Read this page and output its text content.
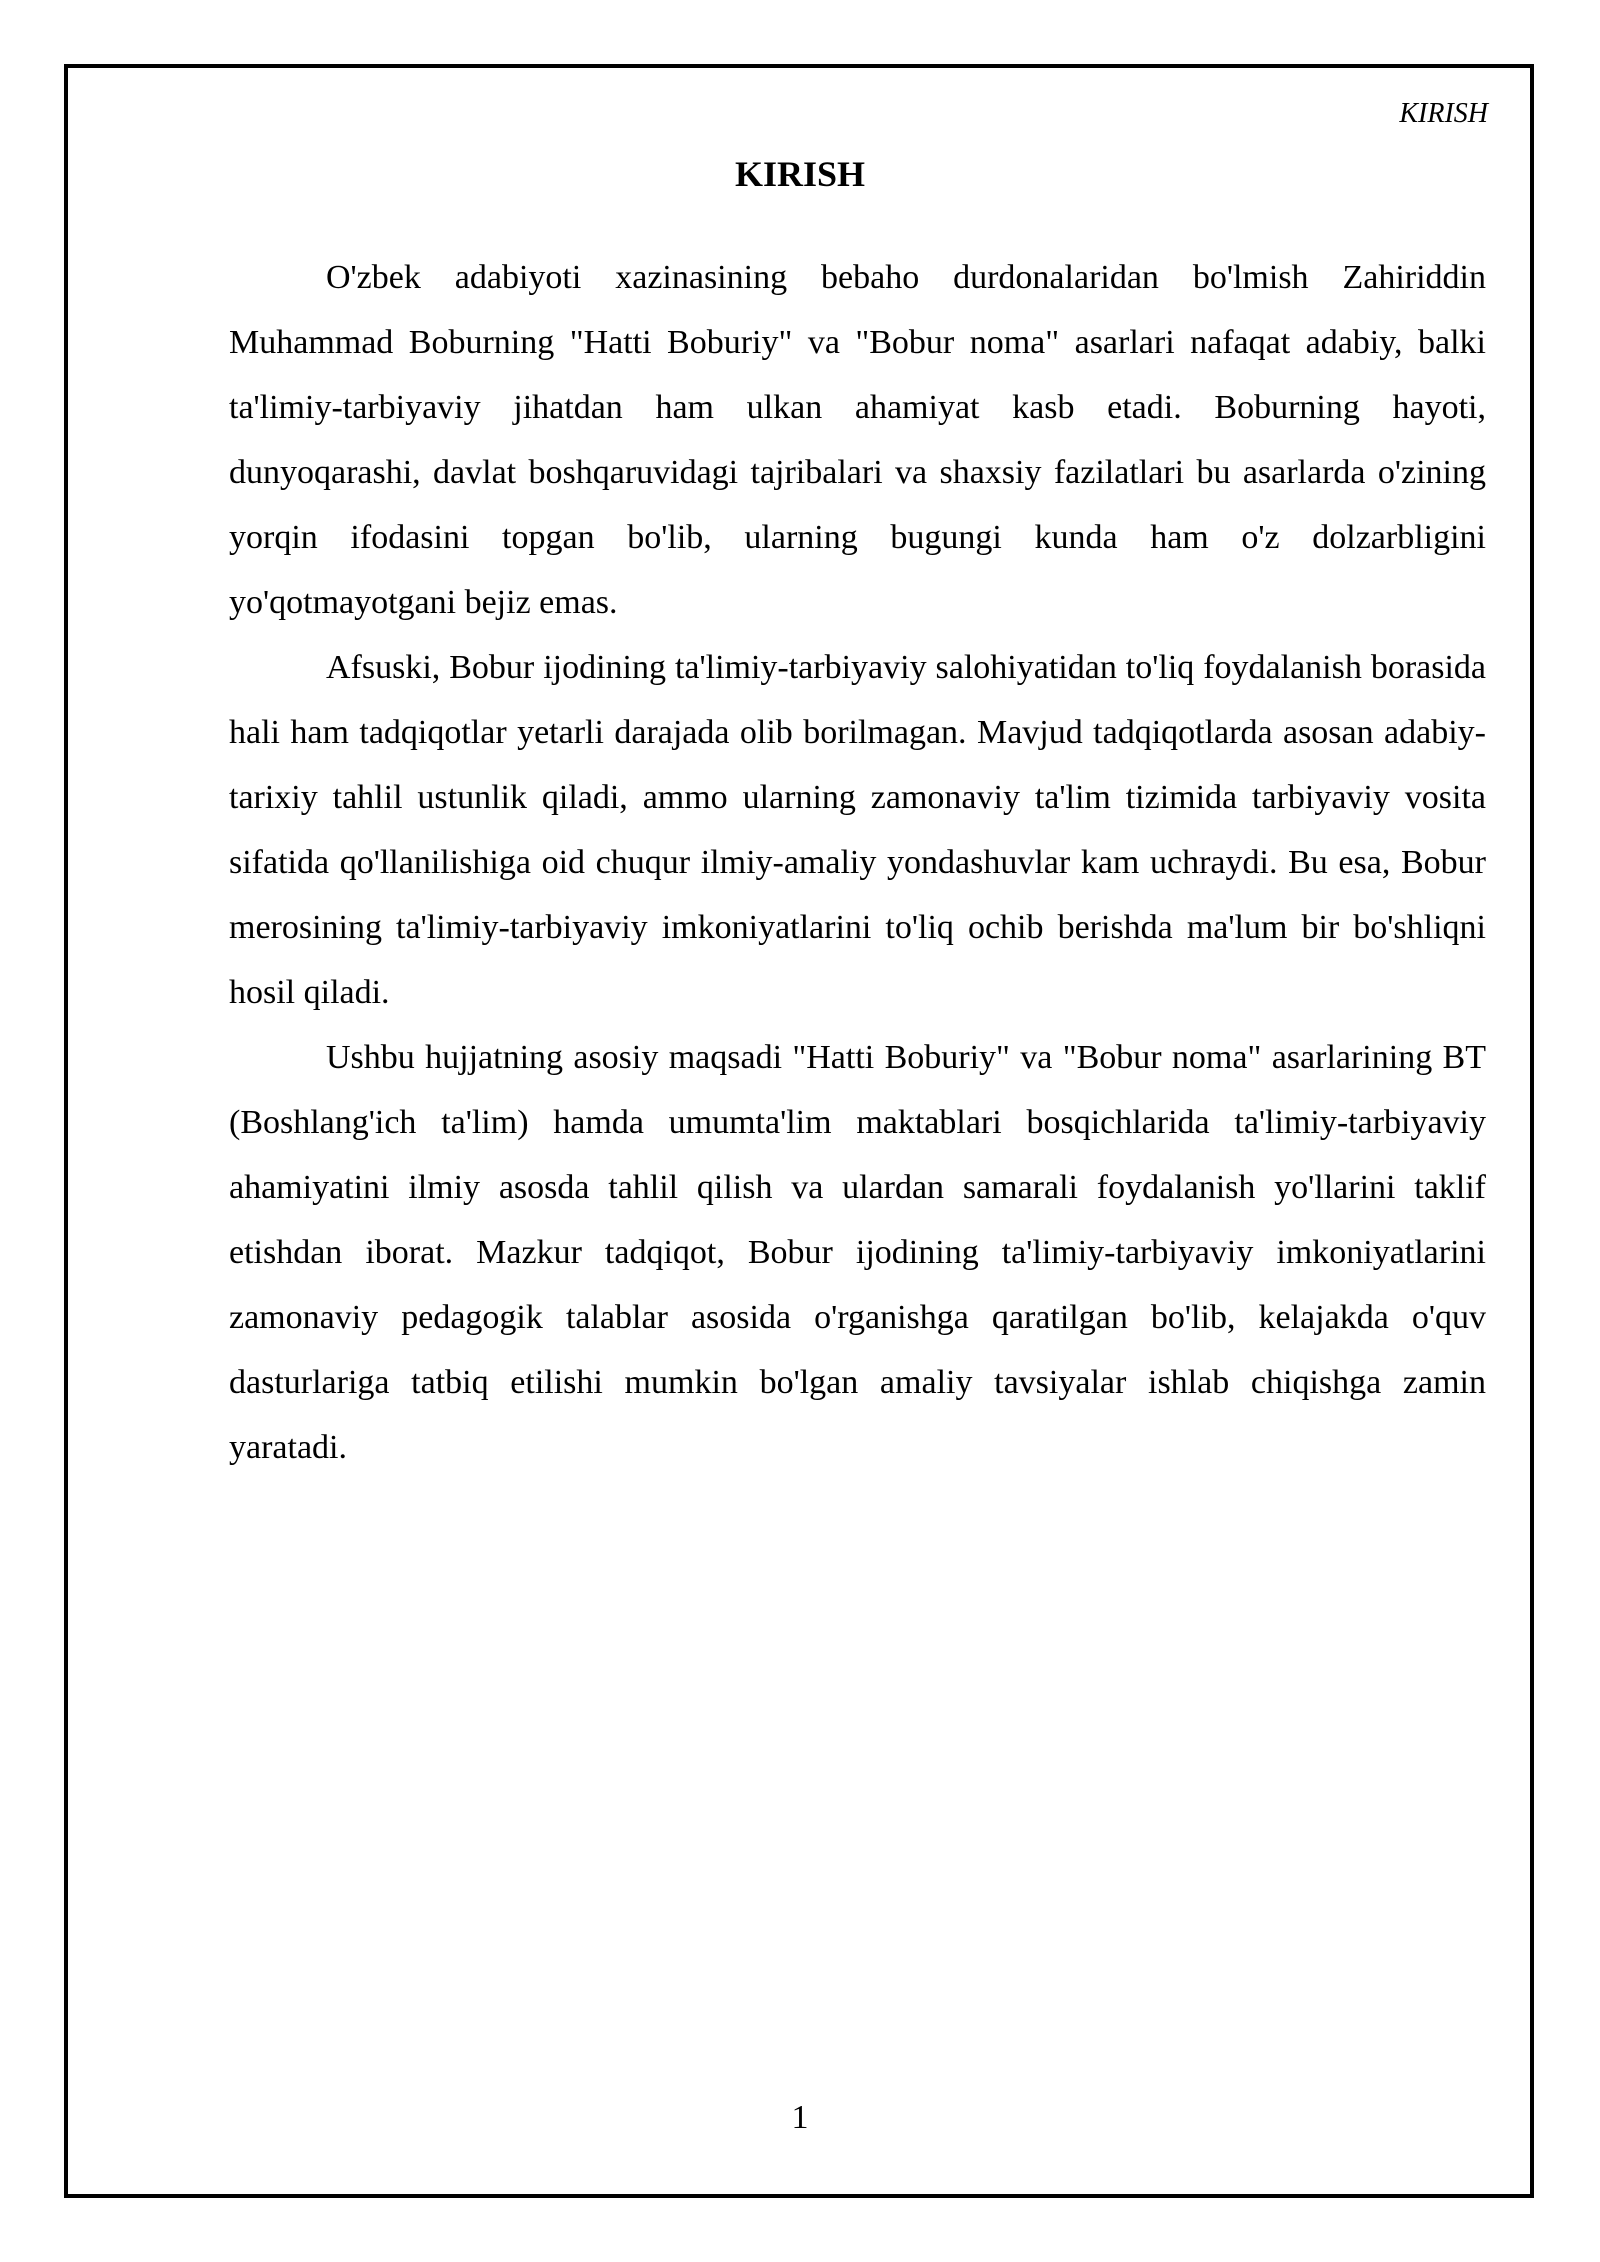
KIRISH
KIRISH

O'zbek adabiyoti xazinasining bebaho durdonalaridan bo'lmish Zahiriddin Muhammad Boburning "Hatti Boburiy" va "Bobur noma" asarlari nafaqat adabiy, balki ta'limiy-tarbiyaviy jihatdan ham ulkan ahamiyat kasb etadi. Boburning hayoti, dunyoqarashi, davlat boshqaruvidagi tajribalari va shaxsiy fazilatlari bu asarlarda o'zining yorqin ifodasini topgan bo'lib, ularning bugungi kunda ham o'z dolzarbligini yo'qotmayotgani bejiz emas.

Afsuski, Bobur ijodining ta'limiy-tarbiyaviy salohiyatidan to'liq foydalanish borasida hali ham tadqiqotlar yetarli darajada olib borilmagan. Mavjud tadqiqotlarda asosan adabiy-tarixiy tahlil ustunlik qiladi, ammo ularning zamonaviy ta'lim tizimida tarbiyaviy vosita sifatida qo'llanilishiga oid chuqur ilmiy-amaliy yondashuvlar kam uchraydi. Bu esa, Bobur merosining ta'limiy-tarbiyaviy imkoniyatlarini to'liq ochib berishda ma'lum bir bo'shliqni hosil qiladi.

Ushbu hujjatning asosiy maqsadi "Hatti Boburiy" va "Bobur noma" asarlarining BT (Boshlang'ich ta'lim) hamda umumta'lim maktablari bosqichlarida ta'limiy-tarbiyaviy ahamiyatini ilmiy asosda tahlil qilish va ulardan samarali foydalanish yo'llarini taklif etishdan iborat. Mazkur tadqiqot, Bobur ijodining ta'limiy-tarbiyaviy imkoniyatlarini zamonaviy pedagogik talablar asosida o'rganishga qaratilgan bo'lib, kelajakda o'quv dasturlariga tatbiq etilishi mumkin bo'lgan amaliy tavsiyalar ishlab chiqishga zamin yaratadi.

1
